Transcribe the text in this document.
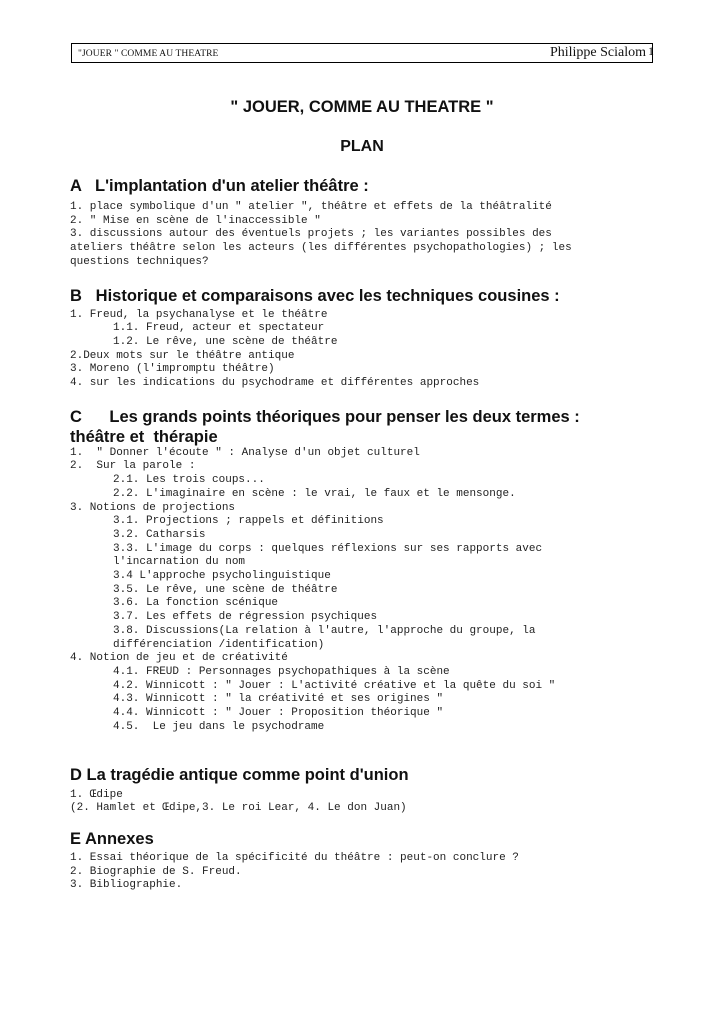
"JOUER " COMME AU THEATRE	Philippe Scialom 1
" JOUER, COMME AU THEATRE "
PLAN
A   L'implantation d'un atelier théâtre :
1. place symbolique d'un " atelier ", théâtre et effets de la théâtralité
2. " Mise en scène de l'inaccessible "
3. discussions autour des éventuels projets ; les variantes possibles des
ateliers théâtre selon les acteurs (les différentes psychopathologies) ; les
questions techniques?
B   Historique et comparaisons avec les techniques cousines :
1. Freud, la psychanalyse et le théâtre
1.1. Freud, acteur et spectateur
1.2. Le rêve, une scène de théâtre
2.Deux mots sur le théâtre antique
3. Moreno (l'impromptu théâtre)
4. sur les indications du psychodrame et différentes approches
C      Les grands points théoriques pour penser les deux termes :
théâtre et  thérapie
1.  " Donner l'écoute " : Analyse d'un objet culturel
2.  Sur la parole :
2.1. Les trois coups...
2.2. L'imaginaire en scène : le vrai, le faux et le mensonge.
3. Notions de projections
3.1. Projections ; rappels et définitions
3.2. Catharsis
3.3. L'image du corps : quelques réflexions sur ses rapports avec
l'incarnation du nom
3.4 L'approche psycholinguistique
3.5. Le rêve, une scène de théâtre
3.6. La fonction scénique
3.7. Les effets de régression psychiques
3.8. Discussions(La relation à l'autre, l'approche du groupe, la
différenciation /identification)
4. Notion de jeu et de créativité
4.1. FREUD : Personnages psychopathiques à la scène
4.2. Winnicott : " Jouer : L'activité créative et la quête du soi "
4.3. Winnicott : " la créativité et ses origines "
4.4. Winnicott : " Jouer : Proposition théorique "
4.5.  Le jeu dans le psychodrame
D La tragédie antique comme point d'union
1. Œdipe
(2. Hamlet et Œdipe,3. Le roi Lear, 4. Le don Juan)
E Annexes
1. Essai théorique de la spécificité du théâtre : peut-on conclure ?
2. Biographie de S. Freud.
3. Bibliographie.
